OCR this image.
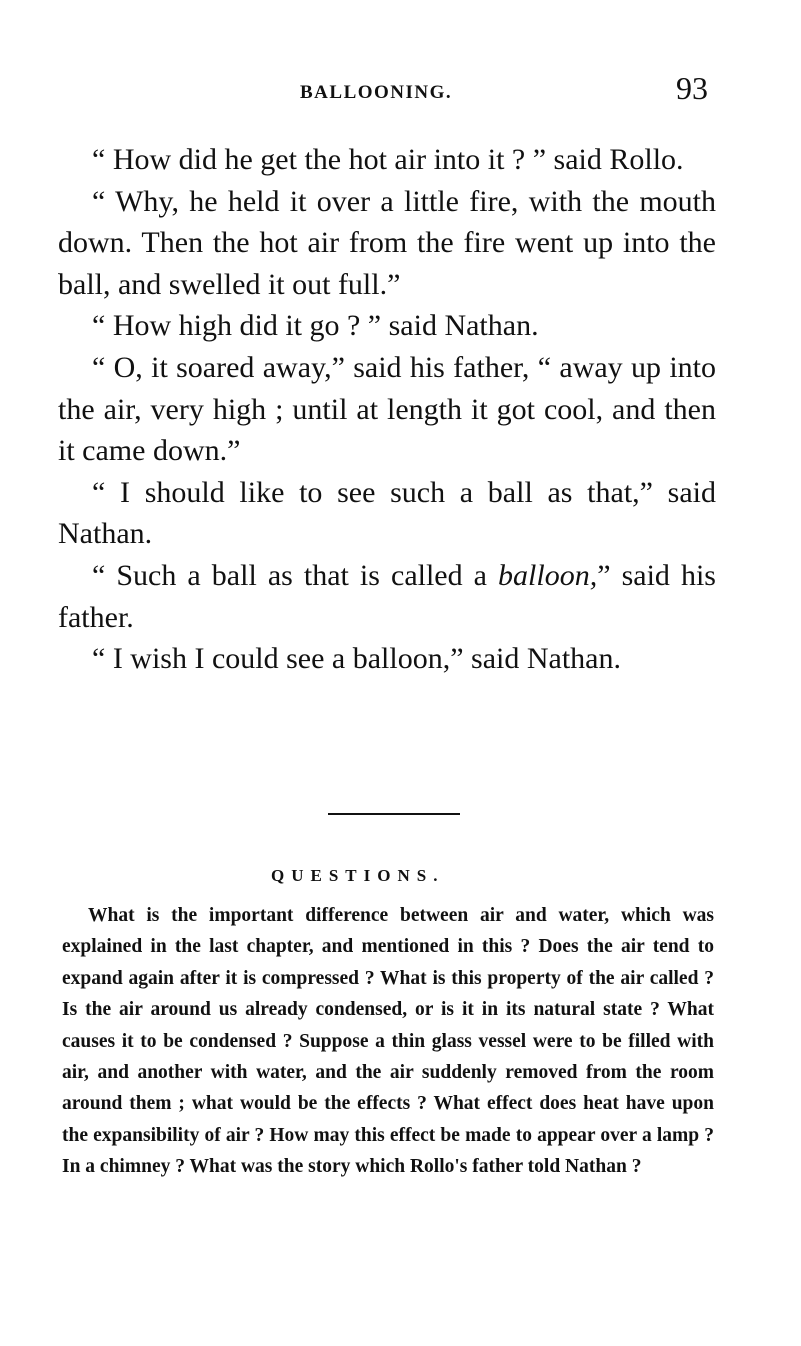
BALLOONING.	93

“ How did he get the hot air into it ? ” said Rollo.

“ Why, he held it over a little fire, with the mouth down. Then the hot air from the fire went up into the ball, and swelled it out full.”

“ How high did it go ? ” said Nathan.

“ O, it soared away,” said his father, “ away up into the air, very high ; until at length it got cool, and then it came down.”

“ I should like to see such a ball as that,” said Nathan.

“ Such a ball as that is called a balloon,” said his father.

“ I wish I could see a balloon,” said Nathan.

QUESTIONS.

What is the important difference between air and water, which was explained in the last chapter, and mentioned in this ? Does the air tend to expand again after it is compressed ? What is this property of the air called ? Is the air around us already condensed, or is it in its natural state ? What causes it to be condensed ? Suppose a thin glass vessel were to be filled with air, and another with water, and the air suddenly removed from the room around them ; what would be the effects ? What effect does heat have upon the expansibility of air ? How may this effect be made to appear over a lamp ? In a chimney ? What was the story which Rollo's father told Nathan ?
